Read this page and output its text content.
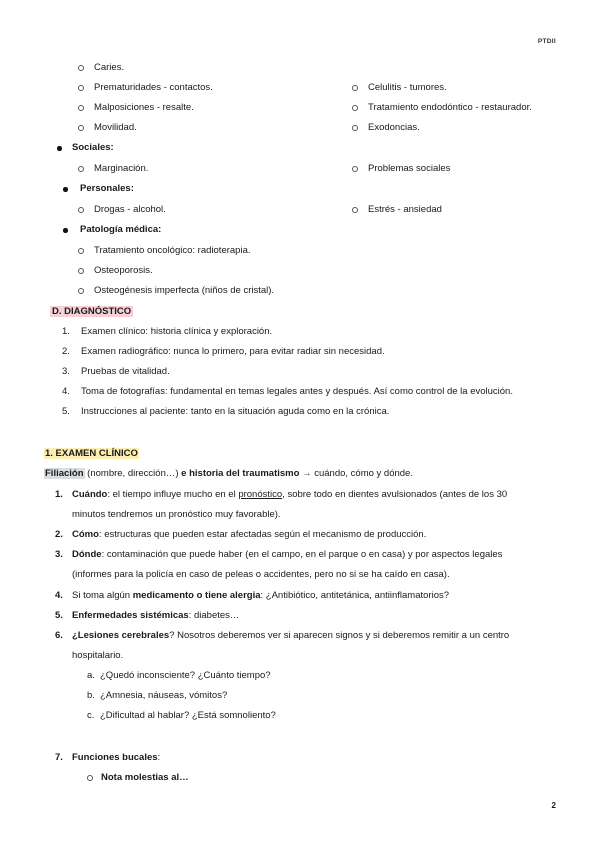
PTDII
Caries.
Prematuridades - contactos.
Malposiciones - resalte.
Movilidad.
Celulitis - tumores.
Tratamiento endodóntico - restaurador.
Exodoncias.
Sociales:
Marginación.	Problemas sociales
Personales:
Drogas - alcohol.	Estrés - ansiedad
Patología médica:
Tratamiento oncológico: radioterapia.
Osteoporosis.
Osteogénesis imperfecta (niños de cristal).
D. DIAGNÓSTICO
1. Examen clínico: historia clínica y exploración.
2. Examen radiográfico: nunca lo primero, para evitar radiar sin necesidad.
3. Pruebas de vitalidad.
4. Toma de fotografías: fundamental en temas legales antes y después. Así como control de la evolución.
5. Instrucciones al paciente: tanto en la situación aguda como en la crónica.
1. EXAMEN CLÍNICO
Filiación (nombre, dirección…) e historia del traumatismo → cuándo, cómo y dónde.
1. Cuándo: el tiempo influye mucho en el pronóstico, sobre todo en dientes avulsionados (antes de los 30
minutos tendremos un pronóstico muy favorable).
2. Cómo: estructuras que pueden estar afectadas según el mecanismo de producción.
3. Dónde: contaminación que puede haber (en el campo, en el parque o en casa) y por aspectos legales
(informes para la policía en caso de peleas o accidentes, pero no si se ha caído en casa).
4. Si toma algún medicamento o tiene alergia: ¿Antibiótico, antitetánica, antiinflamatorios?
5. Enfermedades sistémicas: diabetes…
6. ¿Lesiones cerebrales? Nosotros deberemos ver si aparecen signos y si deberemos remitir a un centro
hospitalario.
a. ¿Quedó inconsciente? ¿Cuánto tiempo?
b. ¿Amnesia, náuseas, vómitos?
c. ¿Dificultad al hablar? ¿Está somnoliento?
7. Funciones bucales:
Nota molestias al…
2
